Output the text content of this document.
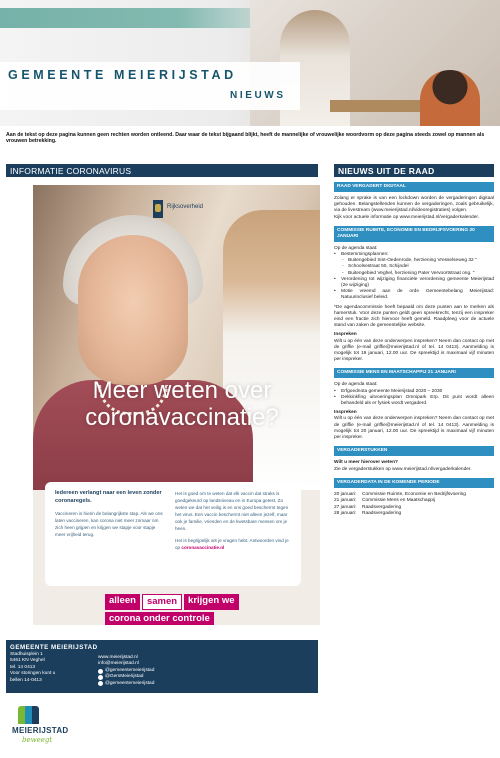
GEMEENTE MEIERIJSTAD
NIEUWS
Aan de tekst op deze pagina kunnen geen rechten worden ontleend. Daar waar de tekst bijgaand blijkt, heeft de mannelijke of vrouwelijke woordvorm op deze pagina steeds zowel op mannen als vrouwen betrekking.
INFORMATIE CORONAVIRUS
Rijksoverheid
Meer weten over coronavaccinatie?
Iedereen verlangt naar een leven zonder coronaregels.

Vaccineren is hierin de belangrijkste stap. Als we ons laten vaccineren, kan corona niet meer zomaar om zich heen grijpen en krijgen we stapje voor stapje meer vrijheid terug.

Het is goed om te weten dat elk vaccin dat straks is goedgekeurd op landsniveau en in Europa getest. Zo weten we dat het veilig is en ons goed beschermt tegen het virus. Een vaccin beschermt niet alleen jezelf, maar ook je familie, vrienden en de kwetsbare mensen om je heen.

Het is begrijpelijk als je vragen hebt. Antwoorden vind je op coronavaccinatie.nl

alleen	samen	krijgen we
corona onder controle
GEMEENTE MEIERIJSTAD
Stadhuisplein 1
5461 KN Veghel
tel. 14 0413
Voor storingen kunt u
bellen 14-0413
www.meierijstad.nl
info@meierijstad.nl
@gemeentemeierijstad
@GemMeierijstad
@gemeentemeierijstad
MEIERIJSTAD
beweegt
NIEUWS UIT DE RAAD
RAAD VERGADERT DIGITAAL
Zolang er sprake is van een lockdown worden de vergaderingen digitaal gehouden. Belangstellenden kunnen de vergaderingen, zoals gebruikelijk, via de livestream (www.meierijstad.nl/videoregistraties) volgen.
Kijk voor actuele informatie op www.meierijstad.nl/vergaderkalender.
COMMISSIE RUIMTE, ECONOMIE EN BEDRIJFSVOERING 20 JANUARI
Op de agenda staat:
• Bestemmingsplannen:
- Buitengebied Sint-Oedenrode, herziening Vresselseweg 32 "
- Schoolsestraat 50, Schijndel
- Buitengebied Veghel, herziening Pater Vervoortstraat ong. "
• Verordening tot wijziging financiële verordening gemeente Meierijstad (2e wijziging)
• Motie vreemd aan de orde Gemeentebelang Meierijstad: Natuurinclusief beleid.
*De agendacommissie heeft bepaald om deze punten aan te merken als hamerstuk. Voor deze punten geldt geen spreekrecht, tenzij een inspreker eind een fractie zich hiervoor heeft gemeld. Raadpleeg voor de actuele stand van zaken de gemeentelijke website.
Inspreken
Wilt u op één van deze onderwerpen inspreken? Neem dan contact op met de griffie (e-mail griffie@meierijstad.nl of tel. 14 0413). Aanmelding is mogelijk tot 19 januari, 12.00 uur. De spreektijd is maximaal vijf minuten per inspreker.
COMMISSIE MENS EN MAATSCHAPPIJ 21 JANUARI
Op de agenda staat:
• Erfgoednota gemeente Meierijstad 2020 – 2030
• Dekkinkfing uitvoeringsplan Omnipark Erp. Dit punt wordt alleen behandeld als er fysiek wordt vergaderd.
Inspreken
Wilt u op één van deze onderwerpen inspreken? Neem dan contact op met de griffie (e-mail griffie@meierijstad.nl of tel. 14 0413). Aanmelding is mogelijk tot 20 januari, 12.00 uur. De spreektijd is maximaal vijf minuten per inspreker.
VERGADERSTUKKEN
Wilt u meer hierover weten?
Zie de vergaderstukken op www.meierijstad.nl/vergaderkalender.
VERGADERDATA IN DE KOMENDE PERIODE
20 januari:	Commissie Ruimte, Economie en Bedrijfsvoering
21 januari:	Commissie Mens en Maatschappij
27 januari:	Raadsvergadering
28 januari:	Raadsvergadering
